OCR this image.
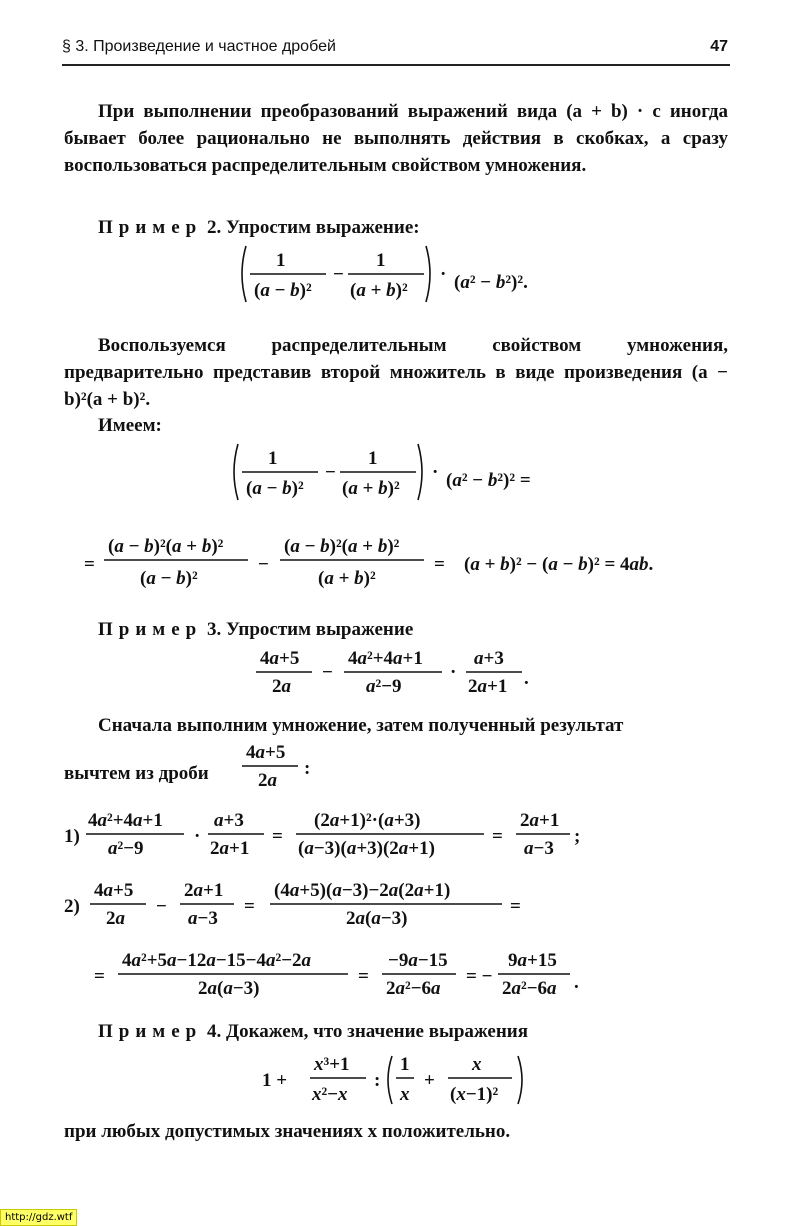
§ 3. Произведение и частное дробей	47
При выполнении преобразований выражений вида (a + b) · c иногда бывает более рационально не выполнять действия в скобках, а сразу воспользоваться распределительным свойством умножения.
Пример 2. Упростим выражение:
1
(a − b)²
−
1
(a + b)²
· (a² − b²)².
Воспользуемся распределительным свойством умножения, предварительно представив второй множитель в виде произведения (a − b)²(a + b)².
Имеем:
1
(a − b)²
−
1
(a + b)²
· (a² − b²)² =
=
(a − b)²(a + b)²
(a − b)²
−
(a − b)²(a + b)²
(a + b)²
= (a + b)² − (a − b)² = 4ab.
Пример 3. Упростим выражение
4a+5
2a
−
4a²+4a+1
a²−9
·
a+3
2a+1 .
Сначала выполним умножение, затем полученный результат
вычтем из дроби
4a+5
2a
:
1)
4a²+4a+1
a²−9
·
a+3
2a+1
=
(2a+1)²·(a+3)
(a−3)(a+3)(2a+1)
=
2a+1
a−3
;
2)
4a+5
2a
−
2a+1
a−3
=
(4a+5)(a−3)−2a(2a+1)
2a(a−3)
=
=
4a²+5a−12a−15−4a²−2a
2a(a−3)
=
−9a−15
2a²−6a
= −
9a+15
2a²−6a .
Пример 4. Докажем, что значение выражения
1 +
x³+1
x²−x
:
1
x
+
x
(x−1)²
при любых допустимых значениях x положительно.
http://gdz.wtf
